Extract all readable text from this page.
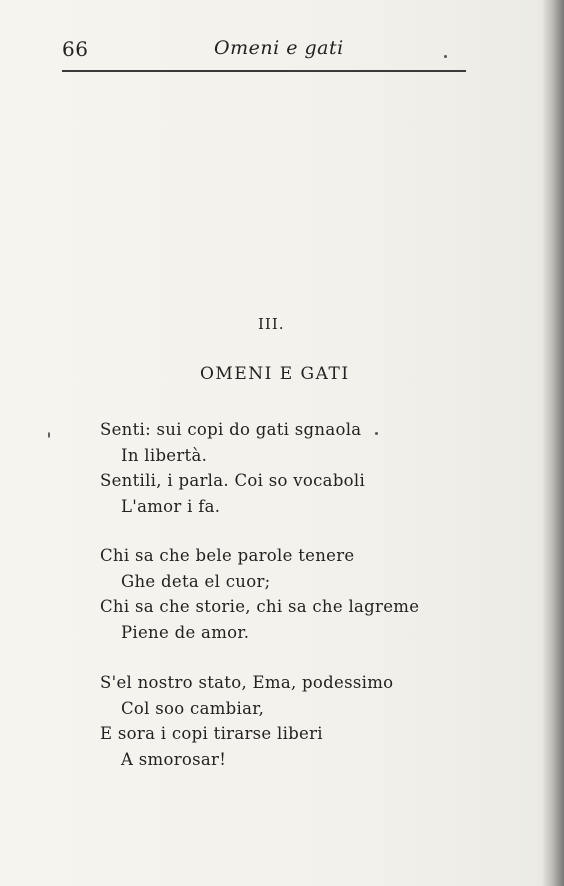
66	Omeni e gati
III.
OMENI E GATI
Senti: sui copi do gati sgnaola
In libertà.
Sentili, i parla. Coi so vocaboli
L'amor i fa.
Chi sa che bele parole tenere
Ghe deta el cuor;
Chi sa che storie, chi sa che lagreme
Piene de amor.
S'el nostro stato, Ema, podessimo
Col soo cambiar,
E sora i copi tirarse liberi
A smorosar!
